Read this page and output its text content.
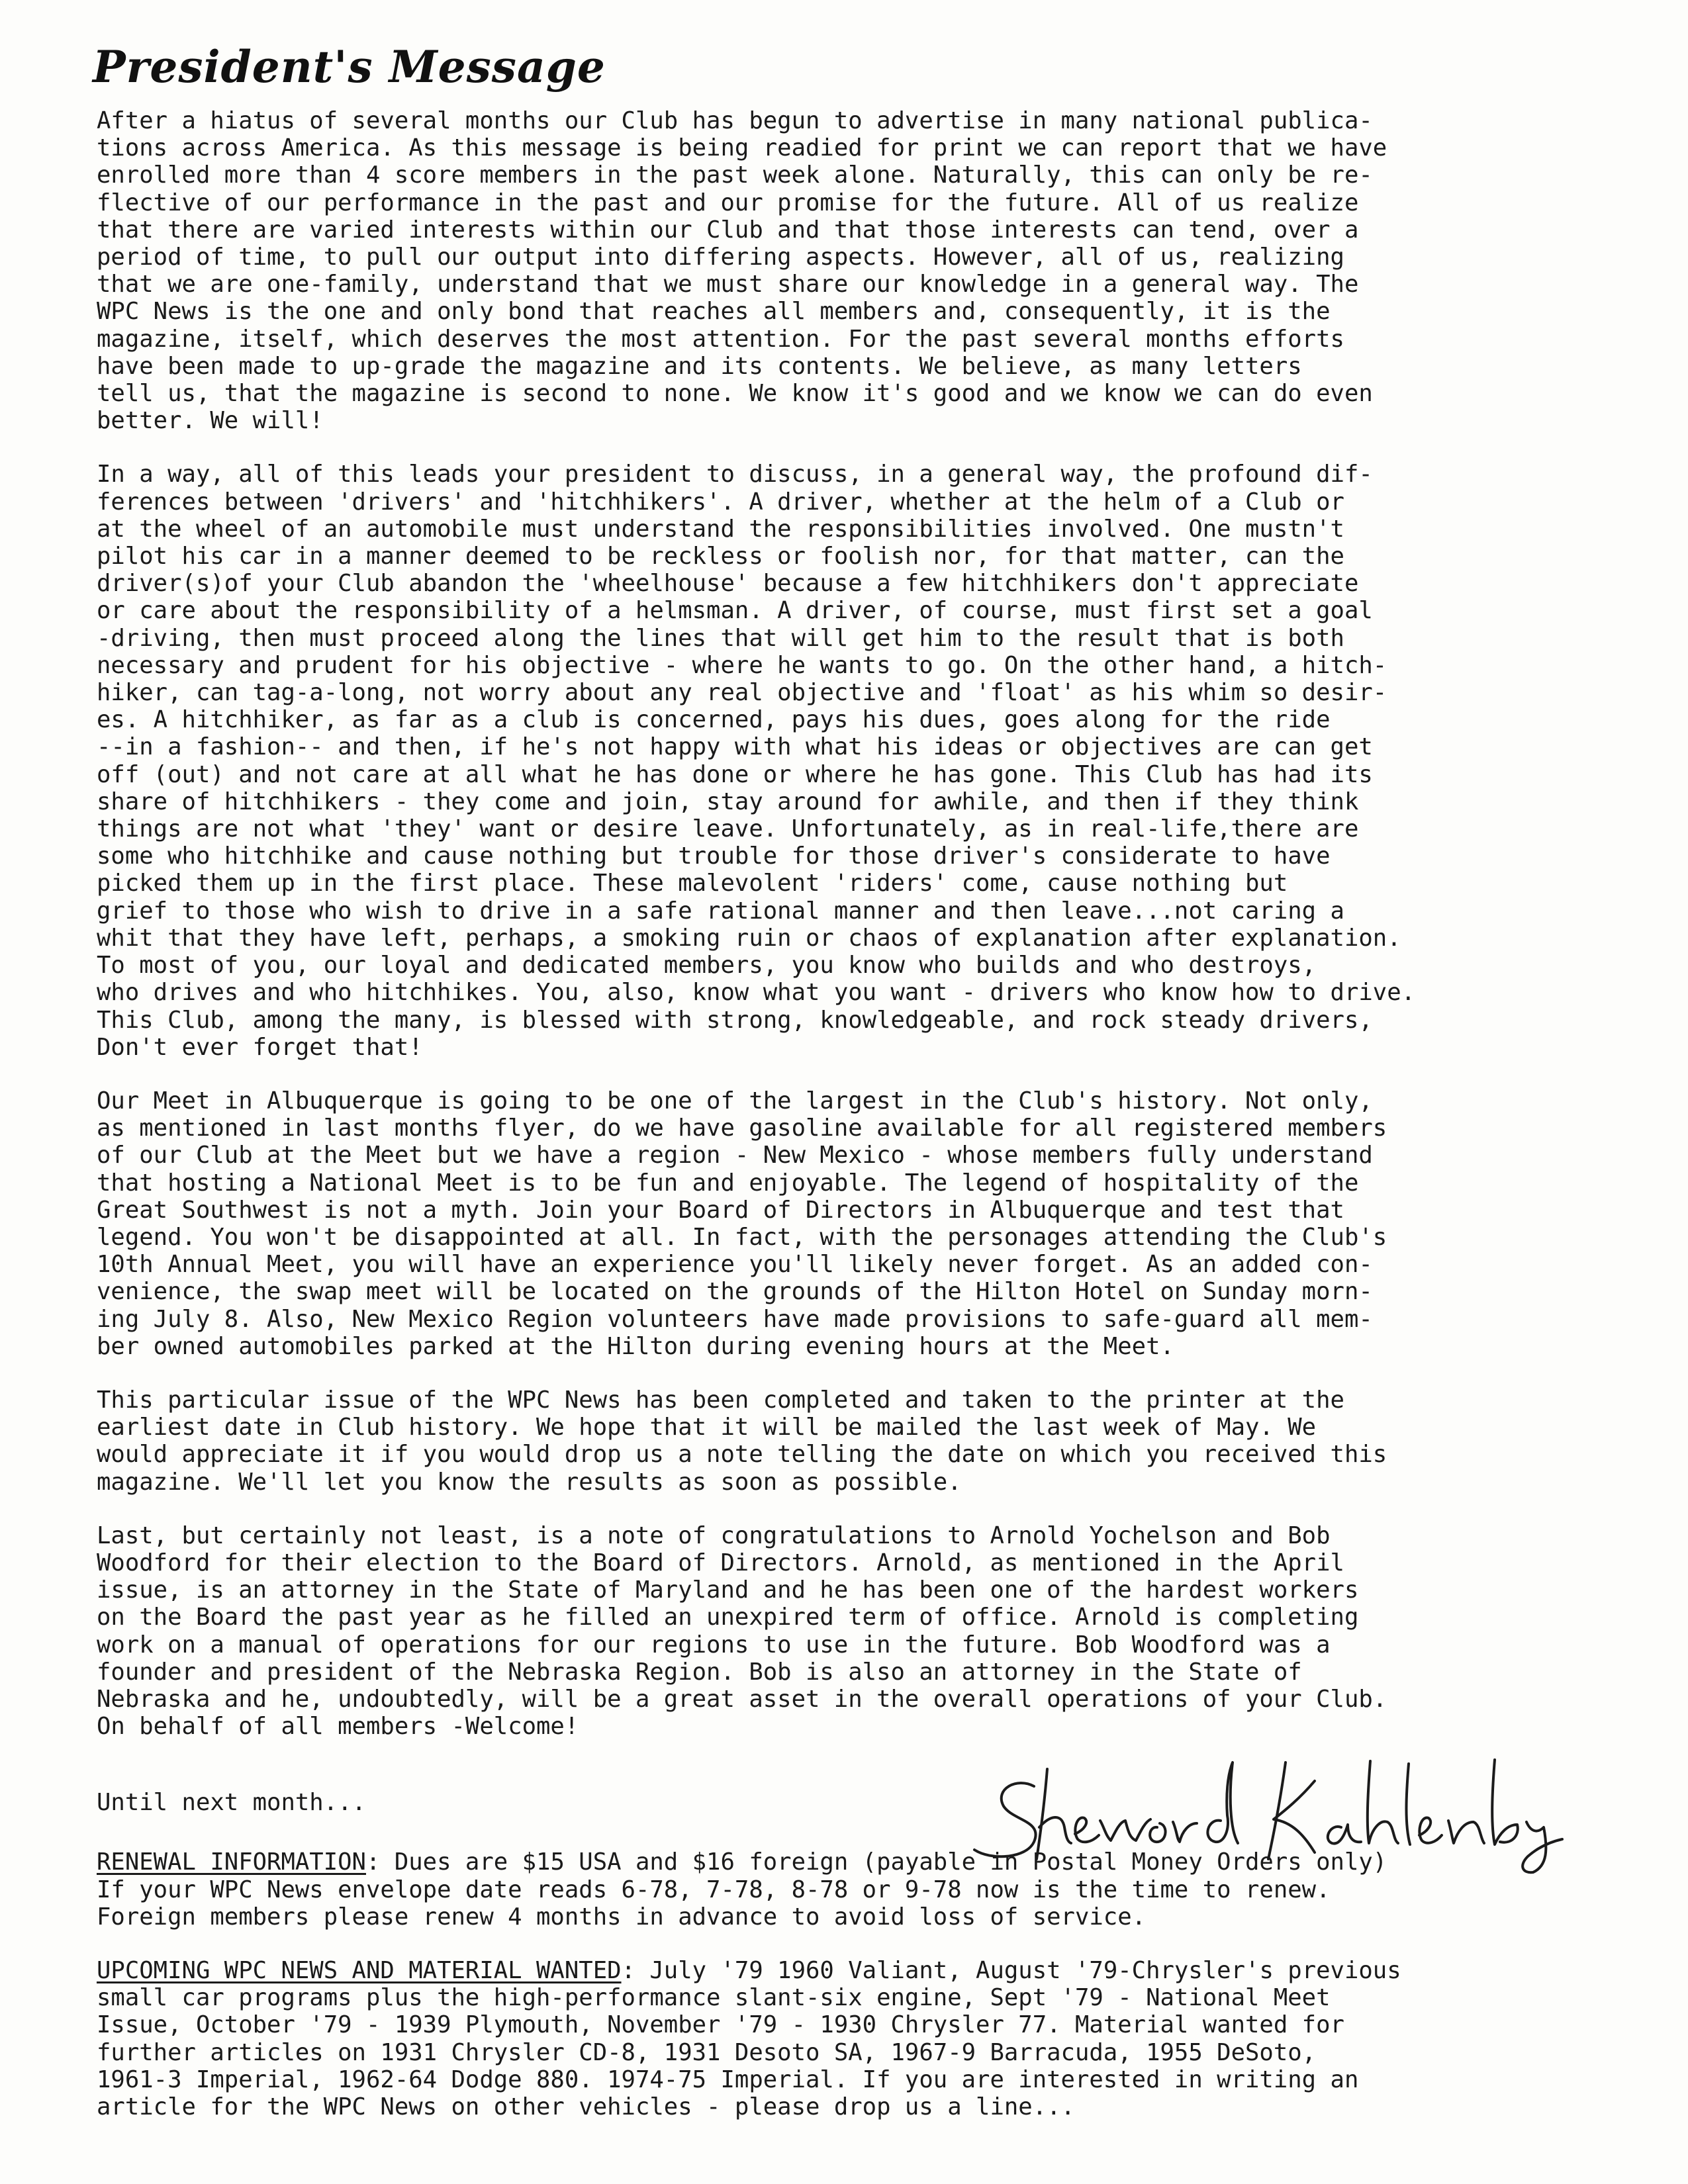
President's Message

After a hiatus of several months our Club has begun to advertise in many national publica-
tions across America. As this message is being readied for print we can report that we have
enrolled more than 4 score members in the past week alone. Naturally, this can only be re-
flective of our performance in the past and our promise for the future. All of us realize
that there are varied interests within our Club and that those interests can tend, over a
period of time, to pull our output into differing aspects. However, all of us, realizing
that we are one-family, understand that we must share our knowledge in a general way. The
WPC News is the one and only bond that reaches all members and, consequently, it is the
magazine, itself, which deserves the most attention. For the past several months efforts
have been made to up-grade the magazine and its contents. We believe, as many letters
tell us, that the magazine is second to none. We know it's good and we know we can do even
better. We will!

In a way, all of this leads your president to discuss, in a general way, the profound dif-
ferences between 'drivers' and 'hitchhikers'. A driver, whether at the helm of a Club or
at the wheel of an automobile must understand the responsibilities involved. One mustn't
pilot his car in a manner deemed to be reckless or foolish nor, for that matter, can the
driver(s)of your Club abandon the 'wheelhouse' because a few hitchhikers don't appreciate
or care about the responsibility of a helmsman. A driver, of course, must first set a goal
-driving, then must proceed along the lines that will get him to the result that is both
necessary and prudent for his objective - where he wants to go. On the other hand, a hitch-
hiker, can tag-a-long, not worry about any real objective and 'float' as his whim so desir-
es. A hitchhiker, as far as a club is concerned, pays his dues, goes along for the ride
--in a fashion-- and then, if he's not happy with what his ideas or objectives are can get
off (out) and not care at all what he has done or where he has gone. This Club has had its
share of hitchhikers - they come and join, stay around for awhile, and then if they think
things are not what 'they' want or desire leave. Unfortunately, as in real-life,there are
some who hitchhike and cause nothing but trouble for those driver's considerate to have
picked them up in the first place. These malevolent 'riders' come, cause nothing but
grief to those who wish to drive in a safe rational manner and then leave...not caring a
whit that they have left, perhaps, a smoking ruin or chaos of explanation after explanation.
To most of you, our loyal and dedicated members, you know who builds and who destroys,
who drives and who hitchhikes. You, also, know what you want - drivers who know how to drive.
This Club, among the many, is blessed with strong, knowledgeable, and rock steady drivers,
Don't ever forget that!

Our Meet in Albuquerque is going to be one of the largest in the Club's history. Not only,
as mentioned in last months flyer, do we have gasoline available for all registered members
of our Club at the Meet but we have a region - New Mexico - whose members fully understand
that hosting a National Meet is to be fun and enjoyable. The legend of hospitality of the
Great Southwest is not a myth. Join your Board of Directors in Albuquerque and test that
legend. You won't be disappointed at all. In fact, with the personages attending the Club's
10th Annual Meet, you will have an experience you'll likely never forget. As an added con-
venience, the swap meet will be located on the grounds of the Hilton Hotel on Sunday morn-
ing July 8. Also, New Mexico Region volunteers have made provisions to safe-guard all mem-
ber owned automobiles parked at the Hilton during evening hours at the Meet.

This particular issue of the WPC News has been completed and taken to the printer at the
earliest date in Club history. We hope that it will be mailed the last week of May. We
would appreciate it if you would drop us a note telling the date on which you received this
magazine. We'll let you know the results as soon as possible.

Last, but certainly not least, is a note of congratulations to Arnold Yochelson and Bob
Woodford for their election to the Board of Directors. Arnold, as mentioned in the April
issue, is an attorney in the State of Maryland and he has been one of the hardest workers
on the Board the past year as he filled an unexpired term of office. Arnold is completing
work on a manual of operations for our regions to use in the future. Bob Woodford was a
founder and president of the Nebraska Region. Bob is also an attorney in the State of
Nebraska and he, undoubtedly, will be a great asset in the overall operations of your Club.
On behalf of all members -Welcome!

Until next month...

RENEWAL INFORMATION: Dues are $15 USA and $16 foreign (payable in Postal Money Orders only)
If your WPC News envelope date reads 6-78, 7-78, 8-78 or 9-78 now is the time to renew.
Foreign members please renew 4 months in advance to avoid loss of service.

UPCOMING WPC NEWS AND MATERIAL WANTED: July '79 1960 Valiant, August '79-Chrysler's previous
small car programs plus the high-performance slant-six engine, Sept '79 - National Meet
Issue, October '79 - 1939 Plymouth, November '79 - 1930 Chrysler 77. Material wanted for
further articles on 1931 Chrysler CD-8, 1931 Desoto SA, 1967-9 Barracuda, 1955 DeSoto,
1961-3 Imperial, 1962-64 Dodge 880. 1974-75 Imperial. If you are interested in writing an
article for the WPC News on other vehicles - please drop us a line...
